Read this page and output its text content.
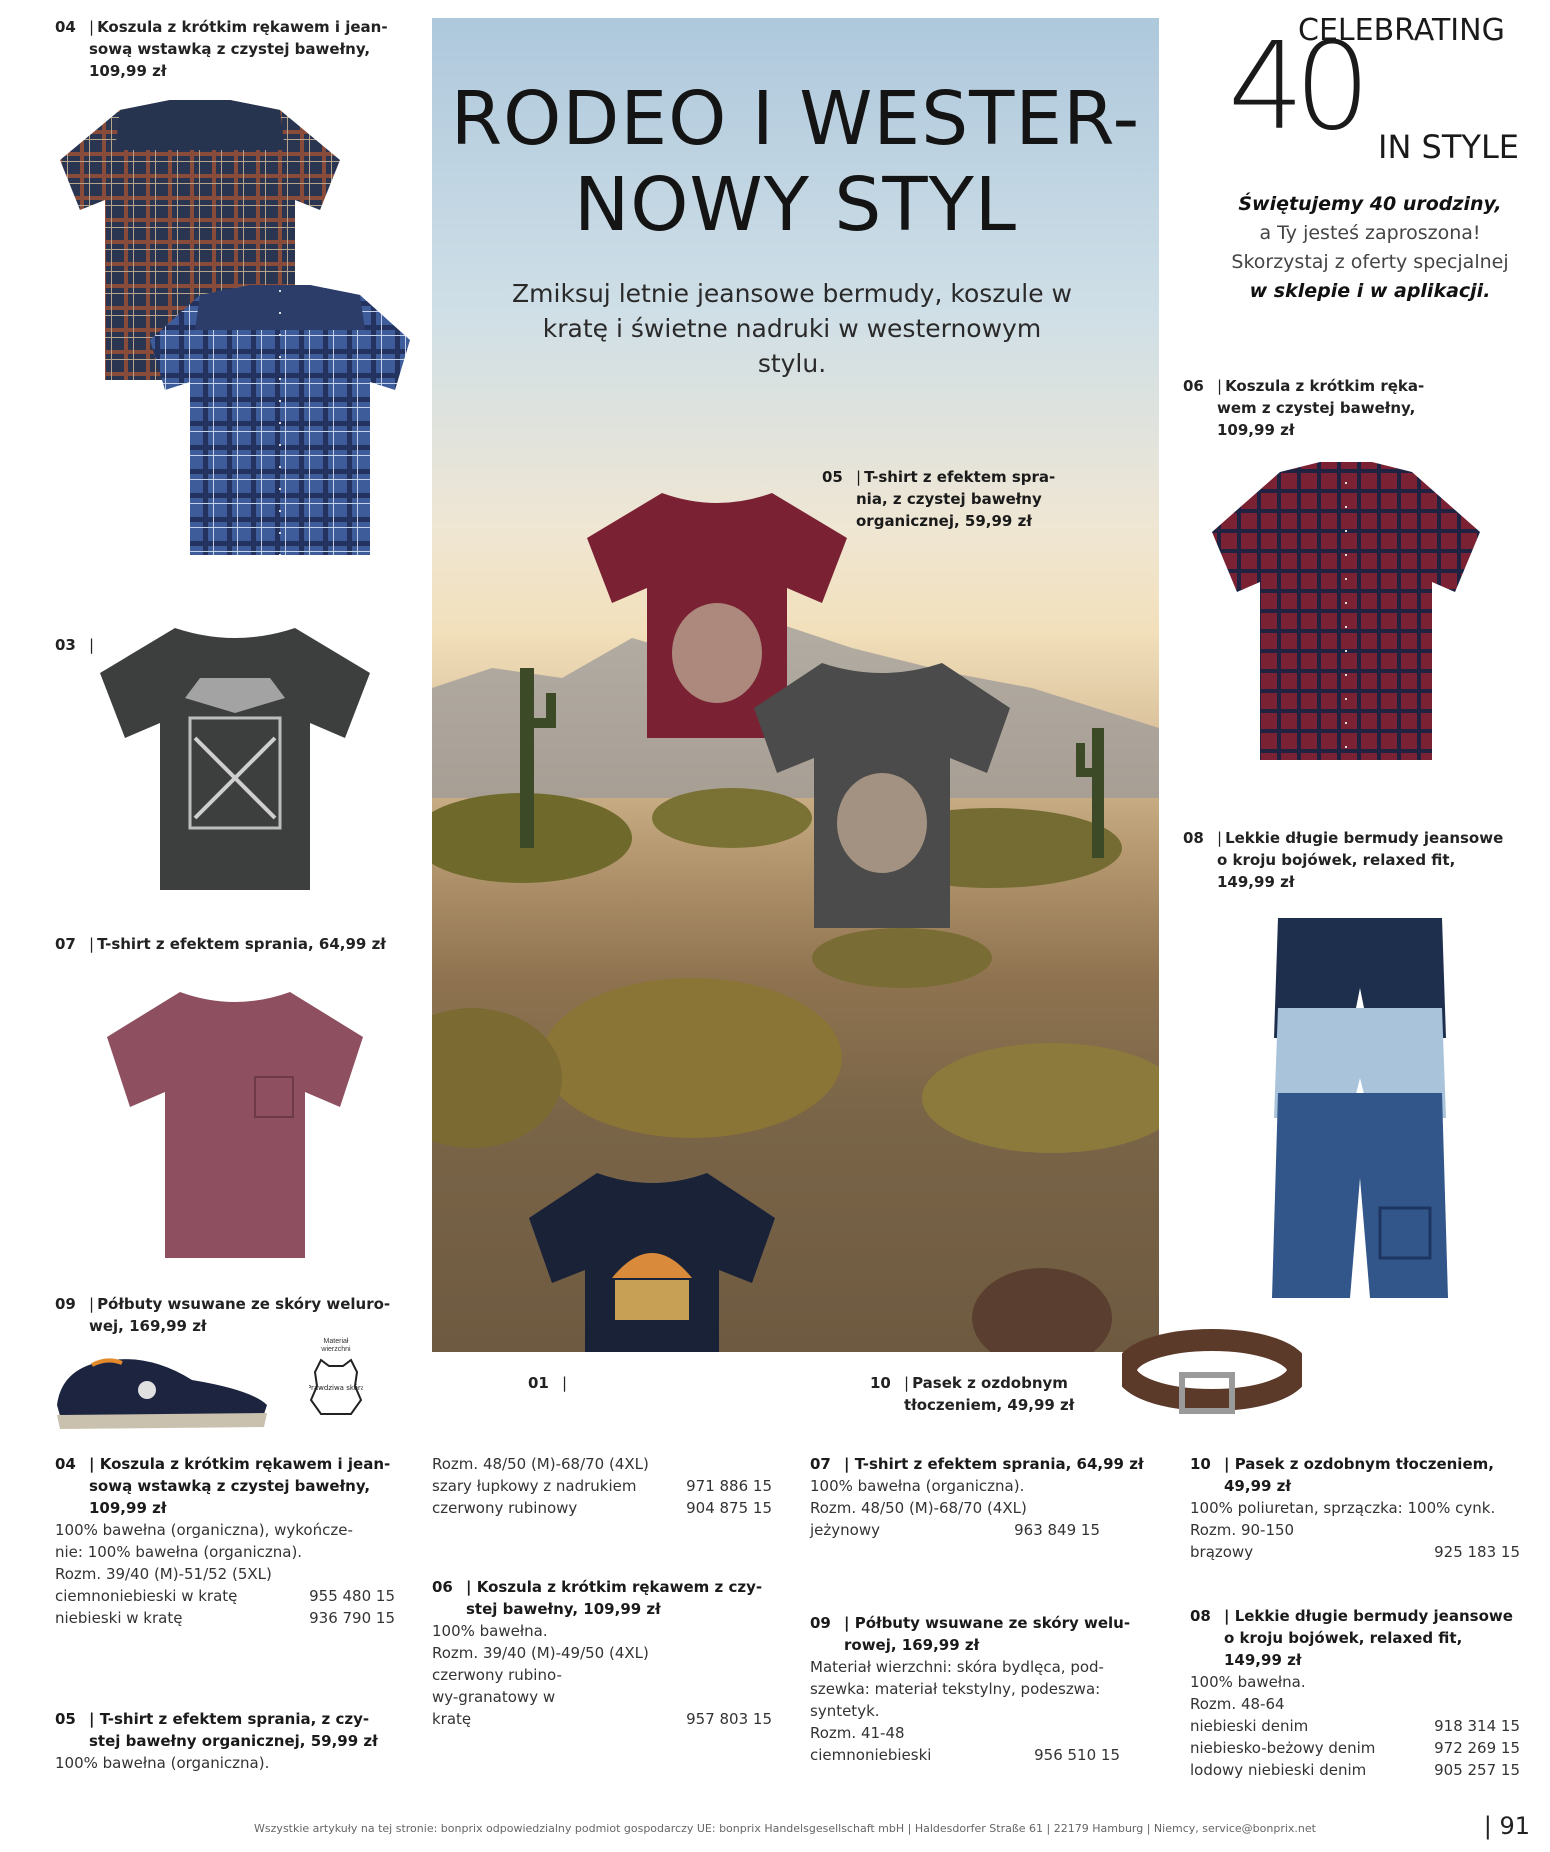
04 | Koszula z krótkim rękawem i jean-
sową wstawką z czystej bawełny,
109,99 zł
03 |
07 | T-shirt z efektem sprania, 64,99 zł
09 | Półbuty wsuwane ze skóry weluro-
wej, 169,99 zł
Materiał wierzchni
Prawdziwa skóra
RODEO I WESTER-
NOWY STYL
Zmiksuj letnie jeansowe bermudy, koszule w kratę i świetne nadruki w westernowym stylu.
05 | T-shirt z efektem spra-
nia, z czystej bawełny
organicznej, 59,99 zł
01 |	10 | Pasek z ozdobnym
tłoczeniem, 49,99 zł
CELEBRATING
40 IN STYLE
Świętujemy 40 urodziny,
a Ty jesteś zaproszona!
Skorzystaj z oferty specjalnej
w sklepie i w aplikacji.
06 | Koszula z krótkim ręka-
wem z czystej bawełny,
109,99 zł
08 | Lekkie długie bermudy jeansowe
o kroju bojówek, relaxed fit,
149,99 zł
04 | Koszula z krótkim rękawem i jean-
sową wstawką z czystej bawełny,
109,99 zł
100% bawełna (organiczna), wykończe-
nie: 100% bawełna (organiczna).
Rozm. 39/40 (M)-51/52 (5XL)
ciemnoniebieski w kratę	955 480 15
niebieski w kratę	936 790 15
05 | T-shirt z efektem sprania, z czy-
stej bawełny organicznej, 59,99 zł
100% bawełna (organiczna).
Rozm. 48/50 (M)-68/70 (4XL)
szary łupkowy z nadrukiem	971 886 15
czerwony rubinowy	904 875 15
06 | Koszula z krótkim rękawem z czy-
stej bawełny, 109,99 zł
100% bawełna.
Rozm. 39/40 (M)-49/50 (4XL)
czerwony rubino-
wy-granatowy w
kratę	957 803 15
07 | T-shirt z efektem sprania, 64,99 zł
100% bawełna (organiczna).
Rozm. 48/50 (M)-68/70 (4XL)
jeżynowy	963 849 15
09 | Półbuty wsuwane ze skóry welu-
rowej, 169,99 zł
Materiał wierzchni: skóra bydlęca, pod-
szewka: materiał tekstylny, podeszwa:
syntetyk.
Rozm. 41-48
ciemnoniebieski	956 510 15
10 | Pasek z ozdobnym tłoczeniem,
49,99 zł
100% poliuretan, sprzączka: 100% cynk.
Rozm. 90-150
brązowy	925 183 15
08 | Lekkie długie bermudy jeansowe
o kroju bojówek, relaxed fit,
149,99 zł
100% bawełna.
Rozm. 48-64
niebieski denim	918 314 15
niebiesko-beżowy denim	972 269 15
lodowy niebieski denim	905 257 15
Wszystkie artykuły na tej stronie: bonprix odpowiedzialny podmiot gospodarczy UE: bonprix Handelsgesellschaft mbH | Haldesdorfer Straße 61 | 22179 Hamburg | Niemcy, service@bonprix.net	| 91
